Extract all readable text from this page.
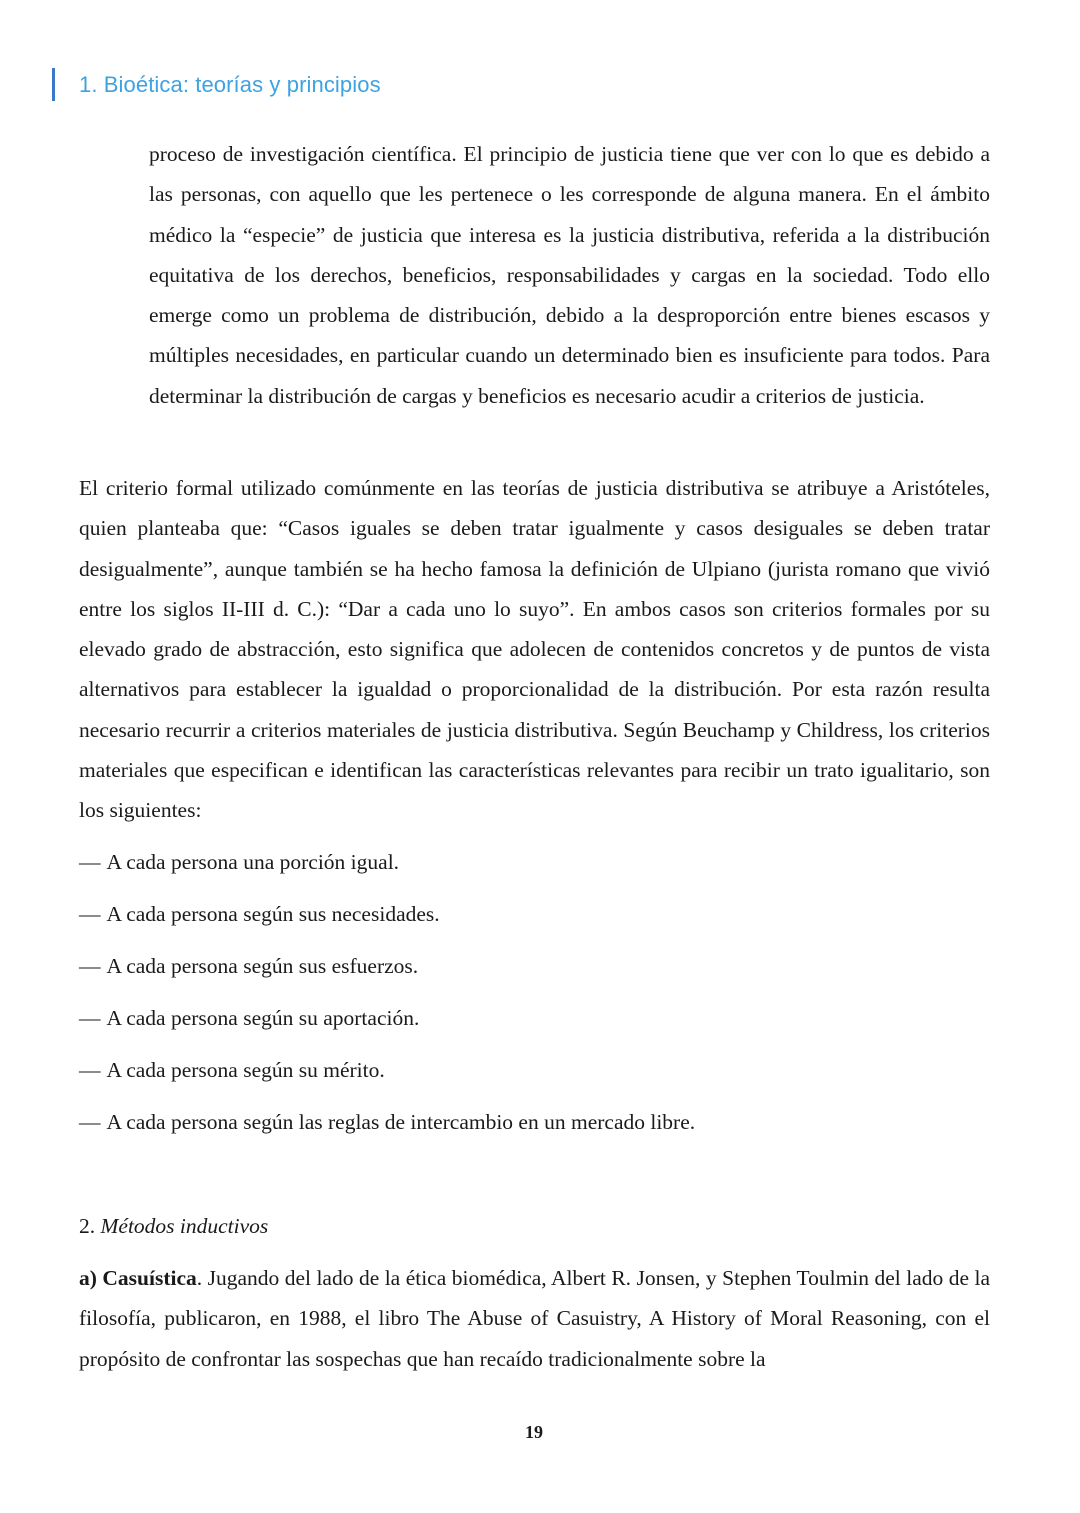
1. Bioética: teorías y principios

proceso de investigación científica. El principio de justicia tiene que ver con lo que es debido a las personas, con aquello que les pertenece o les corresponde de alguna manera. En el ámbito médico la “especie” de justicia que interesa es la justicia distributiva, referida a la distribución equitativa de los derechos, beneficios, responsabilidades y cargas en la sociedad. Todo ello emerge como un problema de distribución, debido a la desproporción entre bienes escasos y múltiples necesidades, en particular cuando un determinado bien es insuficiente para todos. Para determinar la distribución de cargas y beneficios es necesario acudir a criterios de justicia.

El criterio formal utilizado comúnmente en las teorías de justicia distributiva se atribuye a Aristóteles, quien planteaba que: “Casos iguales se deben tratar igualmente y casos desiguales se deben tratar desigualmente”, aunque también se ha hecho famosa la definición de Ulpiano (jurista romano que vivió entre los siglos II-III d. C.): “Dar a cada uno lo suyo”. En ambos casos son criterios formales por su elevado grado de abstracción, esto significa que adolecen de contenidos concretos y de puntos de vista alternativos para establecer la igualdad o proporcionalidad de la distribución. Por esta razón resulta necesario recurrir a criterios materiales de justicia distributiva. Según Beuchamp y Childress, los criterios materiales que especifican e identifican las características relevantes para recibir un trato igualitario, son los siguientes:

— A cada persona una porción igual.
— A cada persona según sus necesidades.
— A cada persona según sus esfuerzos.
— A cada persona según su aportación.
— A cada persona según su mérito.
— A cada persona según las reglas de intercambio en un mercado libre.

2. Métodos inductivos

a) Casuística. Jugando del lado de la ética biomédica, Albert R. Jonsen, y Stephen Toulmin del lado de la filosofía, publicaron, en 1988, el libro The Abuse of Casuistry, A History of Moral Reasoning, con el propósito de confrontar las sospechas que han recaído tradicionalmente sobre la

19
